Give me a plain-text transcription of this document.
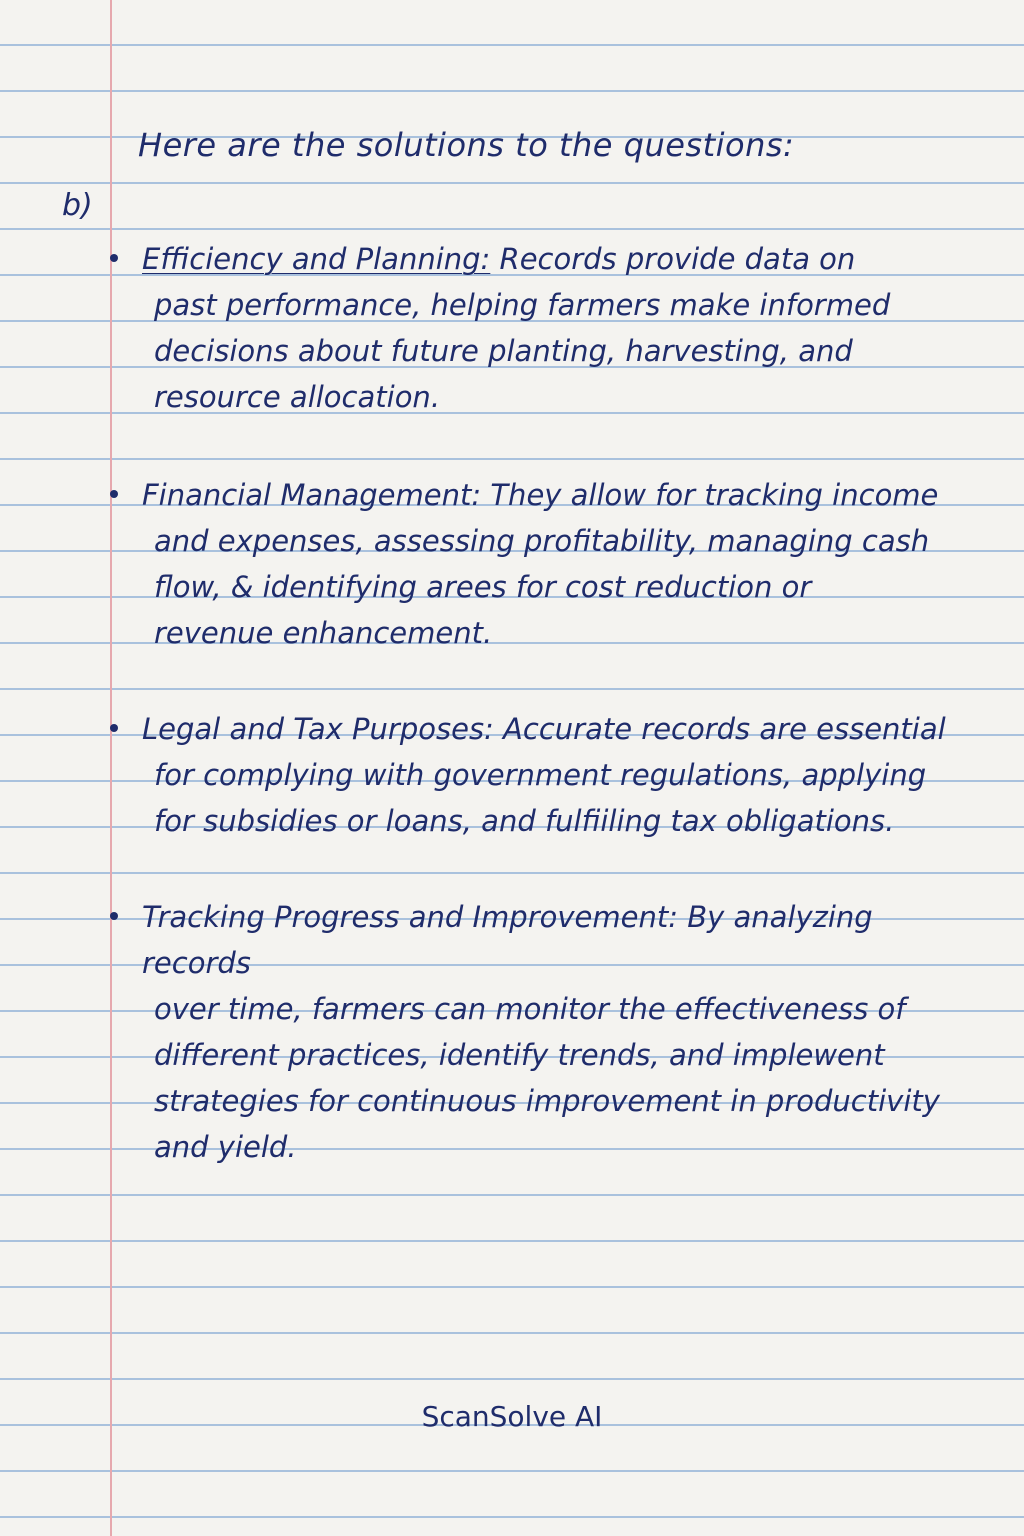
Here are the solutions to the questions:
b)
Efficiency and Planning: Records provide data on
past performance, helping farmers make informed
decisions about future planting, harvesting, and
resource allocation.
Financial Management: They allow for tracking income
and expenses, assessing profitability, managing cash
flow, & identifying arees for cost reduction or
revenue enhancement.
Legal and Tax Purposes: Accurate records are essential
for complying with government regulations, applying
for subsidies or loans, and fulfiiling tax obligations.
Tracking Progress and Improvement: By analyzing records
over time, farmers can monitor the effectiveness of
different practices, identify trends, and implewent
strategies for continuous improvement in productivity
and yield.
ScanSolve AI
